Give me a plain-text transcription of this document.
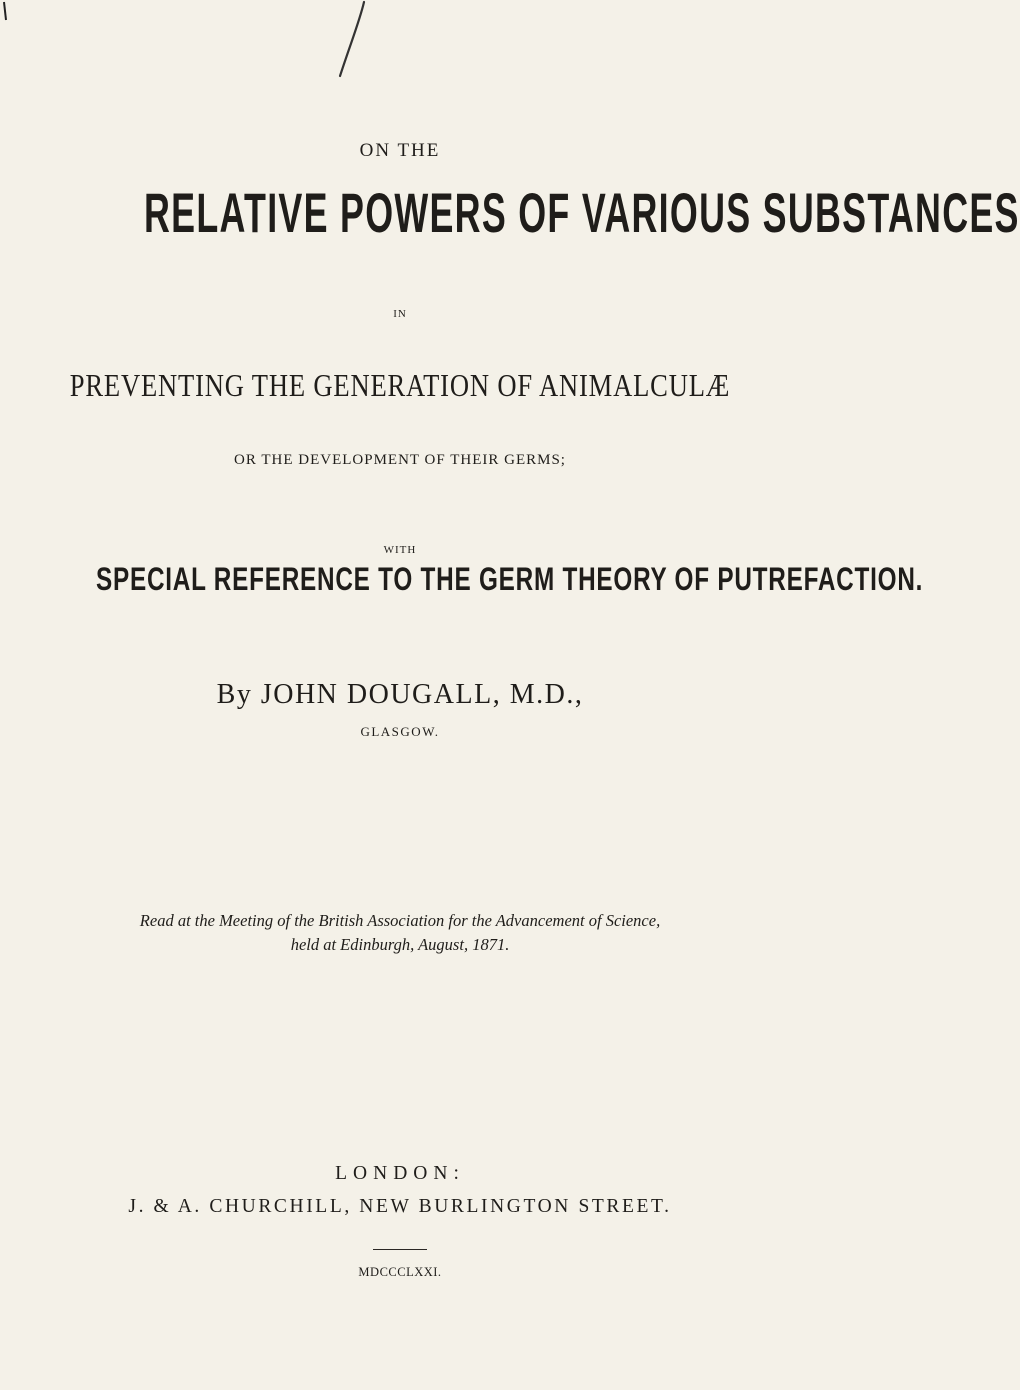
ON THE
RELATIVE POWERS OF VARIOUS SUBSTANCES
IN
PREVENTING THE GENERATION OF ANIMALCULÆ
OR THE DEVELOPMENT OF THEIR GERMS;
WITH
SPECIAL REFERENCE TO THE GERM THEORY OF PUTREFACTION.
By JOHN DOUGALL, M.D.,
GLASGOW.
Read at the Meeting of the British Association for the Advancement of Science,
held at Edinburgh, August, 1871.
LONDON:
J. & A. CHURCHILL, NEW BURLINGTON STREET.
MDCCCLXXI.
